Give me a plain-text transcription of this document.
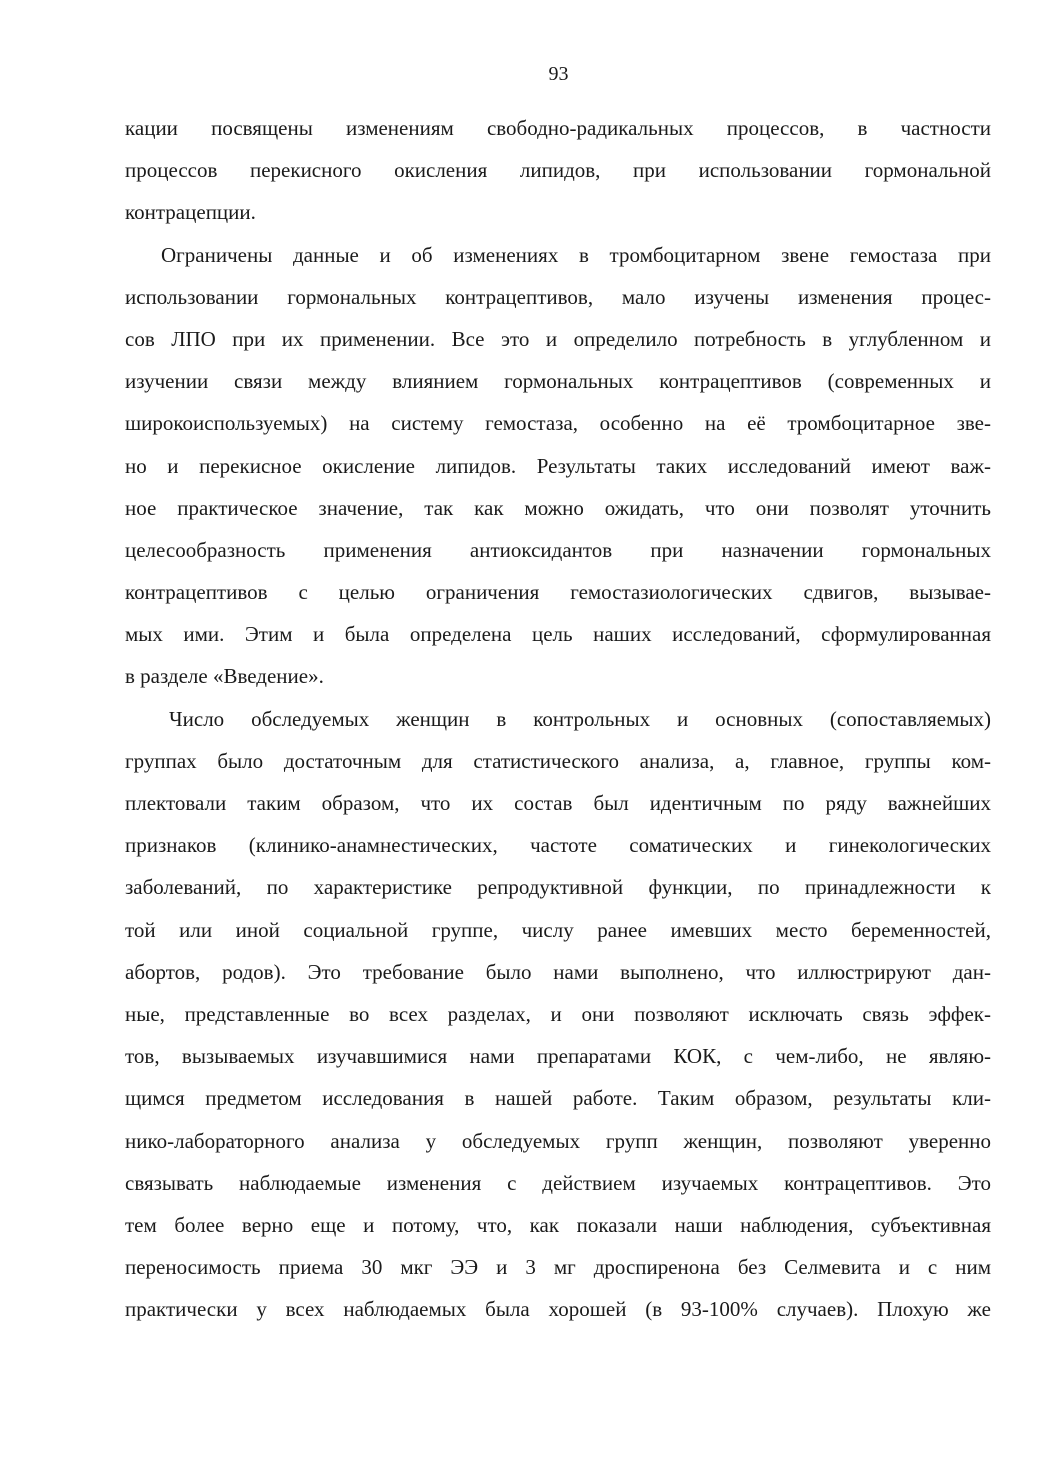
93
кации посвящены изменениям свободно-радикальных процессов, в частности
процессов перекисного окисления липидов, при использовании гормональной
контрацепции.
Ограничены данные и об изменениях в тромбоцитарном звене гемостаза при
использовании гормональных контрацептивов, мало изучены изменения процес-
сов ЛПО при их применении. Все это и определило потребность в углубленном и
изучении связи между влиянием гормональных контрацептивов (современных и
широкоиспользуемых) на систему гемостаза, особенно на её тромбоцитарное зве-
но и перекисное окисление липидов. Результаты таких исследований имеют важ-
ное практическое значение, так как можно ожидать, что они позволят уточнить
целесообразность применения антиоксидантов при назначении гормональных
контрацептивов с целью ограничения гемостазиологических сдвигов, вызываe-
мых ими. Этим и была определена цель наших исследований, сформулированная
в разделе «Введение».
Число обследуемых женщин в контрольных и основных (сопоставляемых)
группах было достаточным для статистического анализа, а, главное, группы ком-
плектовали таким образом, что их состав был идентичным по ряду важнейших
признаков (клинико-анамнестических, частоте соматических и гинекологических
заболеваний, по характеристике репродуктивной функции, по принадлежности к
той или иной социальной группе, числу ранее имевших место беременностей,
абортов, родов). Это требование было нами выполнено, что иллюстрируют дан-
ные, представленные во всех разделах, и они позволяют исключать связь эффек-
тов, вызываемых изучавшимися нами препаратами КОК, с чем-либо, не являю-
щимся предметом исследования в нашей работе. Таким образом, результаты кли-
нико-лабораторного анализа у обследуемых групп женщин, позволяют уверенно
связывать наблюдаемые изменения с действием изучаемых контрацептивов. Это
тем более верно еще и потому, что, как показали наши наблюдения, субъективная
переносимость приема 30 мкг ЭЭ и 3 мг дроспиренона без Селмевита и с ним
практически у всех наблюдаемых была хорошей (в 93-100% случаев). Плохую же
